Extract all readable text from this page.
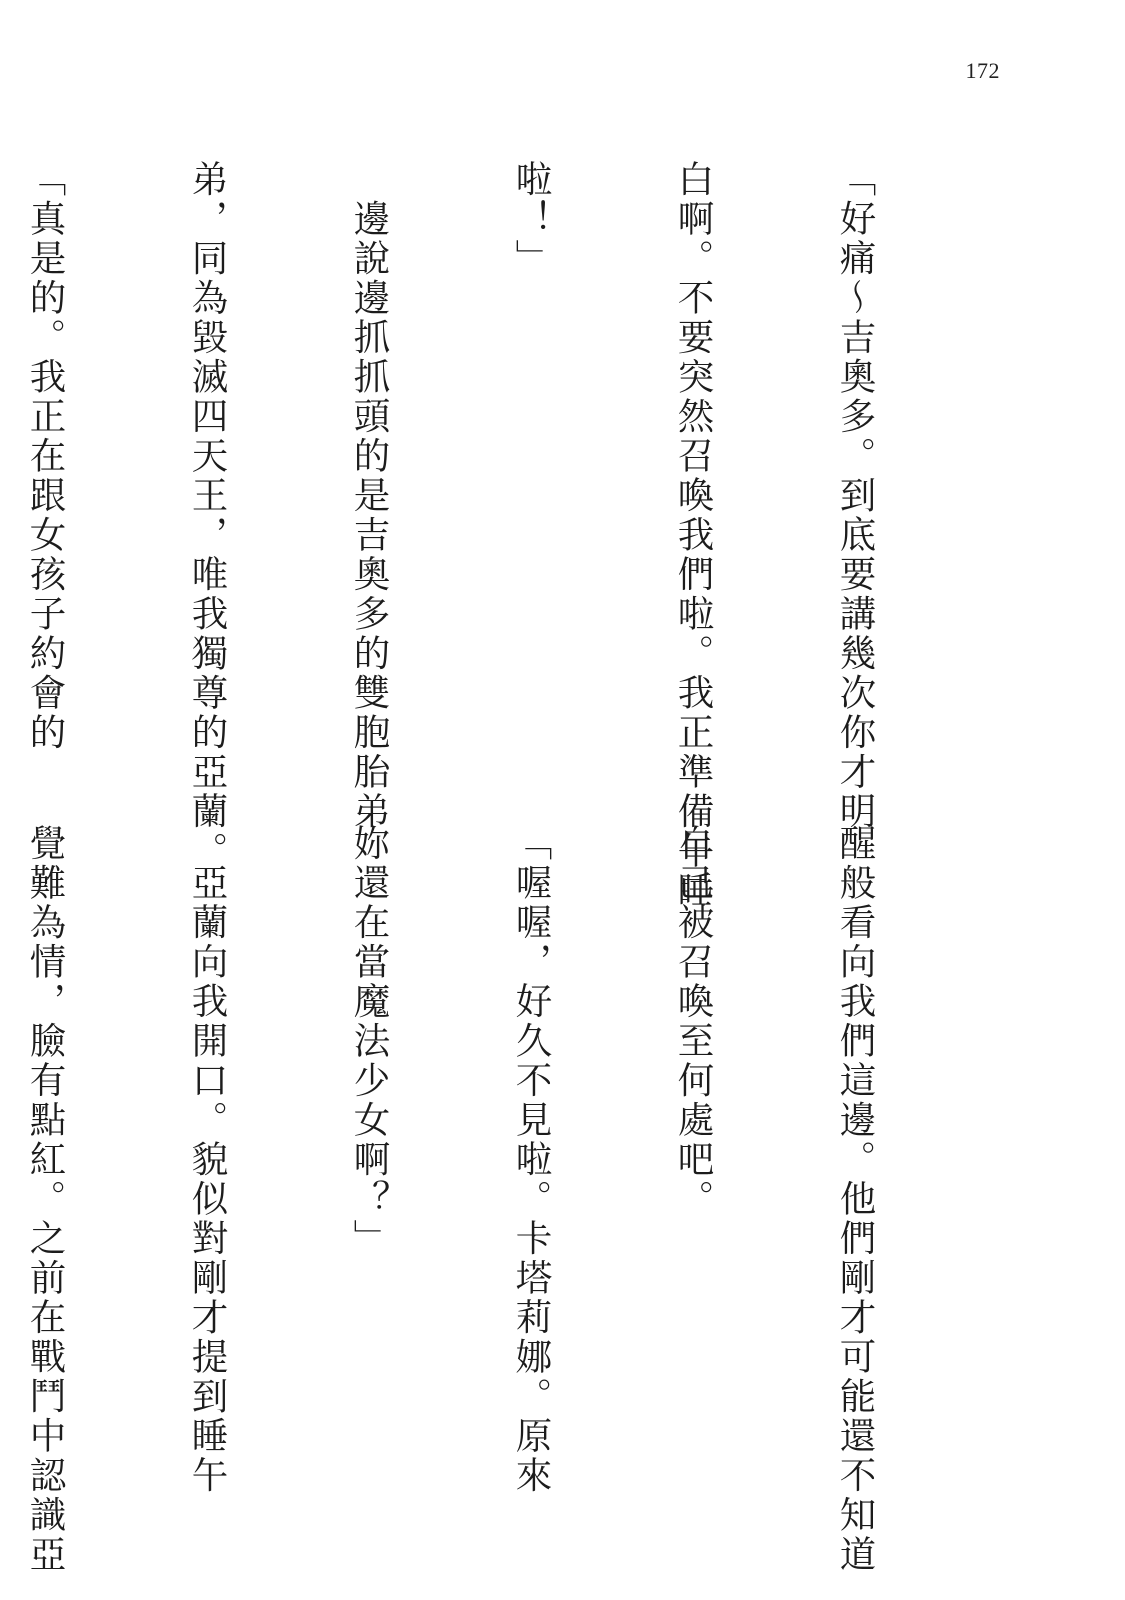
172

「好痛～吉奧多。到底要講幾次你才明

白啊。不要突然召喚我們啦。我正準備午睡

啦！」

　邊說邊抓抓頭的是吉奧多的雙胞胎弟

弟，同為毀滅四天王，唯我獨尊的亞蘭。

「真是的。我正在跟女孩子約會的

醒般看向我們這邊。他們剛才可能還不知道

自己被召喚至何處吧。

「喔喔，好久不見啦。卡塔莉娜。原來

妳還在當魔法少女啊？」

　亞蘭向我開口。貌似對剛才提到睡午

覺難為情，臉有點紅。之前在戰鬥中認識亞
